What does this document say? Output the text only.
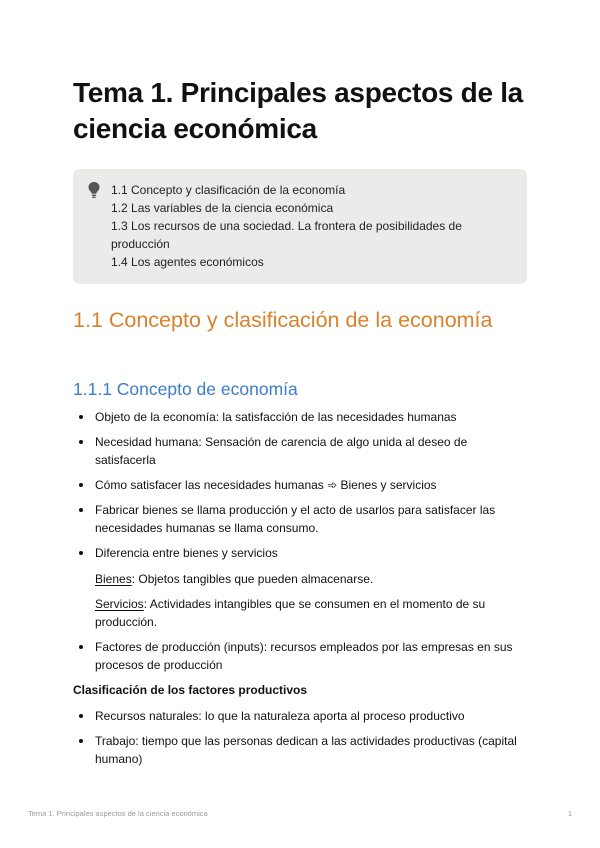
Tema 1. Principales aspectos de la ciencia económica
1.1 Concepto y clasificación de la economía
1.2 Las variables de la ciencia económica
1.3 Los recursos de una sociedad. La frontera de posibilidades de producción
1.4 Los agentes económicos
1.1 Concepto y clasificación de la economía
1.1.1 Concepto de economía
Objeto de la economía: la satisfacción de las necesidades humanas
Necesidad humana: Sensación de carencia de algo unida al deseo de satisfacerla
Cómo satisfacer las necesidades humanas ➾ Bienes y servicios
Fabricar bienes se llama producción y el acto de usarlos para satisfacer las necesidades humanas se llama consumo.
Diferencia entre bienes y servicios

Bienes: Objetos tangibles que pueden almacenarse.

Servicios: Actividades intangibles que se consumen en el momento de su producción.

Factores de producción (inputs): recursos empleados por las empresas en sus procesos de producción
Clasificación de los factores productivos
Recursos naturales: lo que la naturaleza aporta al proceso productivo
Trabajo: tiempo que las personas dedican a las actividades productivas (capital humano)
Tema 1. Principales aspectos de la ciencia económica	1
